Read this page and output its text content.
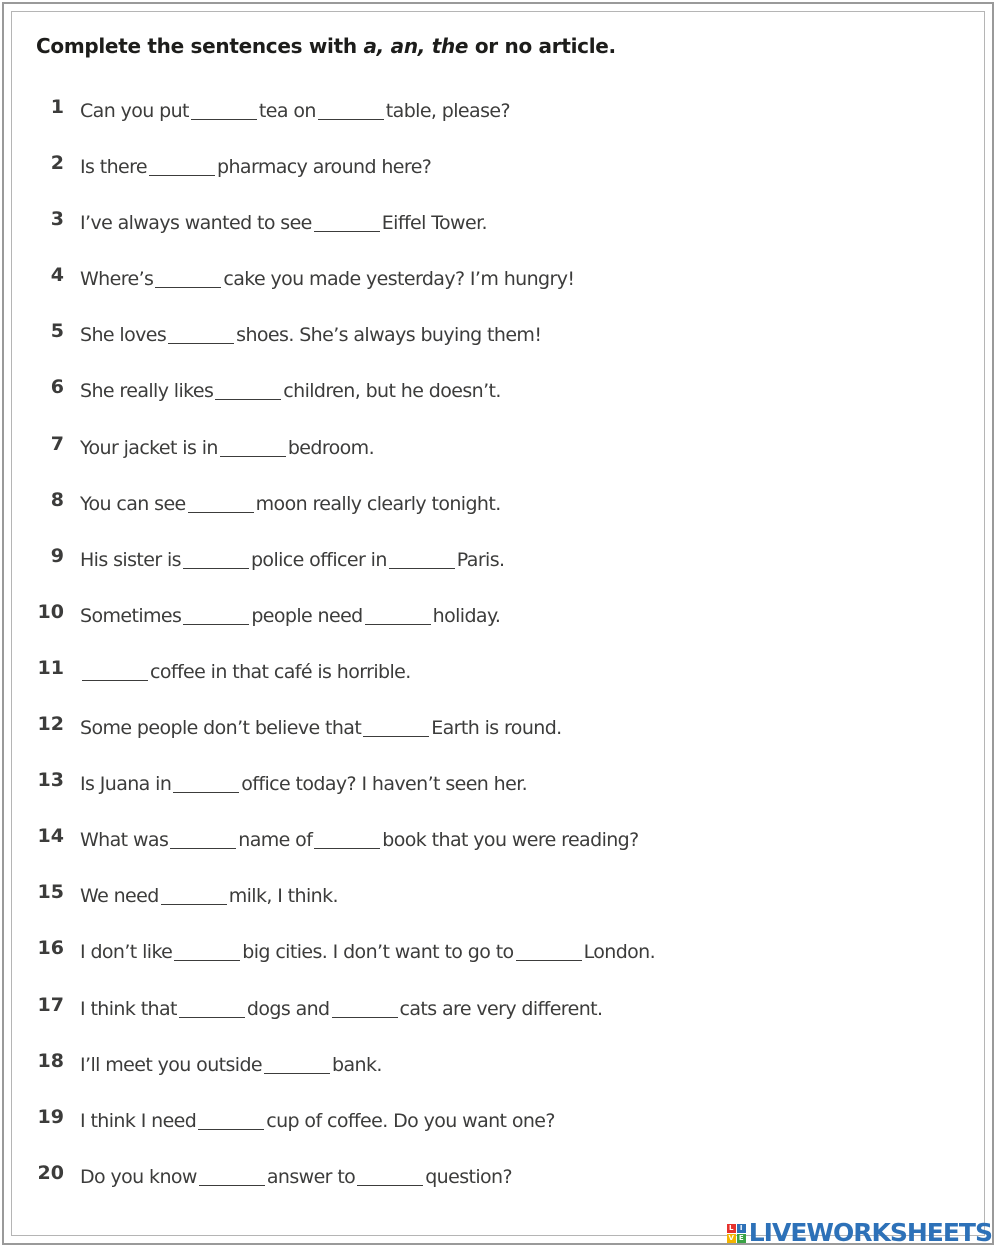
Complete the sentences with a, an, the or no article.
1 Can you put	tea on	table, please?
2 Is there	pharmacy around here?
3 I’ve always wanted to see	Eiffel Tower.
4 Where’s	cake you made yesterday? I’m hungry!
5 She loves	shoes. She’s always buying them!
6 She really likes	children, but he doesn’t.
7 Your jacket is in	bedroom.
8 You can see	moon really clearly tonight.
9 His sister is	police officer in	Paris.
10 Sometimes	people need	holiday.
11	coffee in that café is horrible.
12 Some people don’t believe that	Earth is round.
13 Is Juana in	office today? I haven’t seen her.
14 What was	name of	book that you were reading?
15 We need	milk, I think.
16 I don’t like	big cities. I don’t want to go to	London.
17 I think that	dogs and	cats are very different.
18 I’ll meet you outside	bank.
19 I think I need	cup of coffee. Do you want one?
20 Do you know	answer to	question?
L I
V E LIVEWORKSHEETS
